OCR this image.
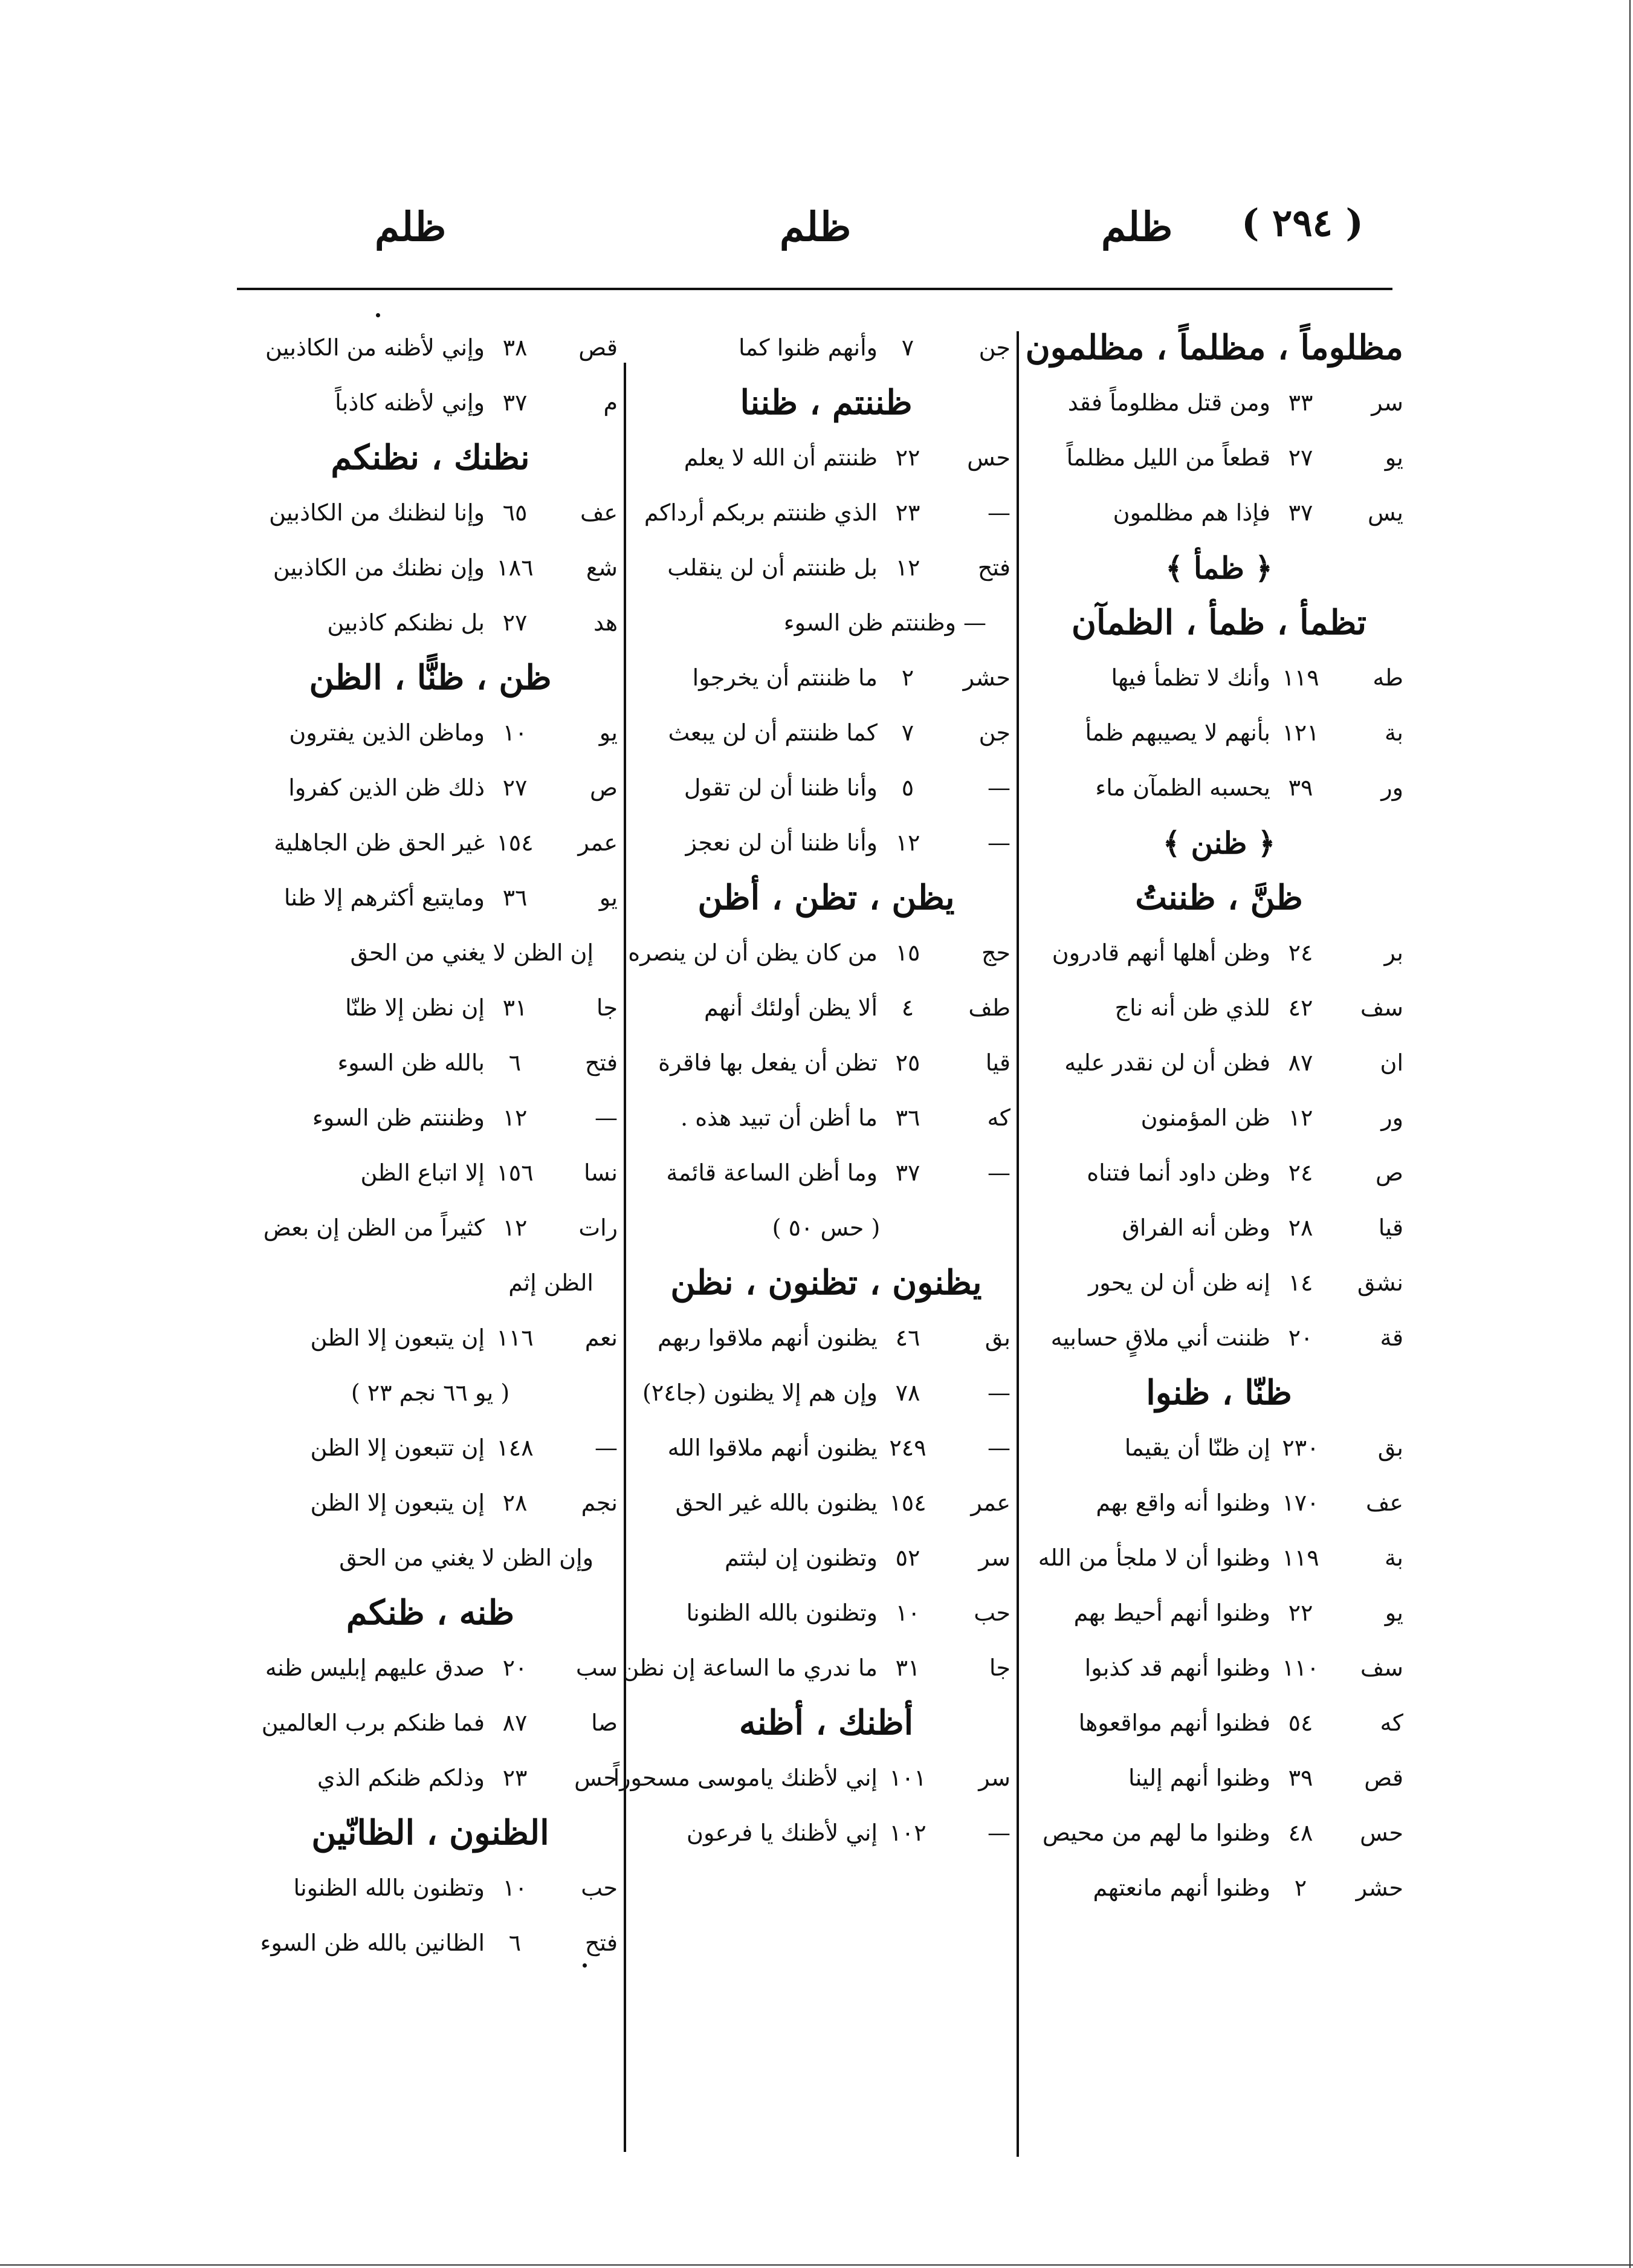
ظلم	ظلم	ظلم	( ٢٩٤ )
مظلوماً ، مظلماً ، مظلمون
سر٣٣ومن قتل مظلوماً فقد
يو٢٧قطعاً من الليل مظلماً
يس٣٧فإذا هم مظلمون
﴿ ظمأ ﴾
تظمأ ، ظمأ ، الظمآن
طه١١٩وأنك لا تظمأ فيها
بة١٢١بأنهم لا يصيبهم ظمأ
ور٣٩يحسبه الظمآن ماء
﴿ ظنن ﴾
ظنَّ ، ظننتُ
بر٢٤وظن أهلها أنهم قادرون
سف٤٢للذي ظن أنه ناج
ان٨٧فظن أن لن نقدر عليه
ور١٢ظن المؤمنون
ص٢٤وظن داود أنما فتناه
قيا٢٨وظن أنه الفراق
نشق١٤إنه ظن أن لن يحور
قة٢٠ظننت أني ملاقٍ حسابيه
ظنّا ، ظنوا
بق٢٣٠إن ظنّا أن يقيما
عف١٧٠وظنوا أنه واقع بهم
بة١١٩وظنوا أن لا ملجأ من الله
يو٢٢وظنوا أنهم أحيط بهم
سف١١٠وظنوا أنهم قد كذبوا
كه٥٤فظنوا أنهم مواقعوها
قص٣٩وظنوا أنهم إلينا
حس٤٨وظنوا ما لهم من محيص
حشر٢وظنوا أنهم مانعتهم
جن٧وأنهم ظنوا كما
ظننتم ، ظننا
حس٢٢ظننتم أن الله لا يعلم
—٢٣الذي ظننتم بربكم أرداكم
فتح١٢بل ظننتم أن لن ينقلب
— وظننتم ظن السوء
حشر٢ما ظننتم أن يخرجوا
جن٧كما ظننتم أن لن يبعث
—٥وأنا ظننا أن لن تقول
—١٢وأنا ظننا أن لن نعجز
يظن ، تظن ، أظن
حج١٥من كان يظن أن لن ينصره
طف٤ألا يظن أولئك أنهم
قيا٢٥تظن أن يفعل بها فاقرة
كه٣٦ما أظن أن تبيد هذه .
—٣٧وما أظن الساعة قائمة
( حس ٥٠ )
يظنون ، تظنون ، نظن
بق٤٦يظنون أنهم ملاقوا ربهم
—٧٨وإن هم إلا يظنون (جا٢٤)
—٢٤٩يظنون أنهم ملاقوا الله
عمر١٥٤يظنون بالله غير الحق
سر٥٢وتظنون إن لبثتم
حب١٠وتظنون بالله الظنونا
جا٣١ما ندري ما الساعة إن نظن
أظنك ، أظنه
سر١٠١إني لأظنك ياموسى مسحوراً
—١٠٢إني لأظنك يا فرعون
قص٣٨وإني لأظنه من الكاذبين
م٣٧وإني لأظنه كاذباً
نظنك ، نظنكم
عف٦٥وإنا لنظنك من الكاذبين
شع١٨٦وإن نظنك من الكاذبين
هد٢٧بل نظنكم كاذبين
ظن ، ظنًّا ، الظن
يو١٠وماظن الذين يفترون
ص٢٧ذلك ظن الذين كفروا
عمر١٥٤غير الحق ظن الجاهلية
يو٣٦ومايتبع أكثرهم إلا ظنا
إن الظن لا يغني من الحق
جا٣١إن نظن إلا ظنّا
فتح٦بالله ظن السوء
—١٢وظننتم ظن السوء
نسا١٥٦إلا اتباع الظن
رات١٢كثيراً من الظن إن بعض
الظن إثم
نعم١١٦إن يتبعون إلا الظن
( يو ٦٦ نجم ٢٣ )
—١٤٨إن تتبعون إلا الظن
نجم٢٨إن يتبعون إلا الظن
وإن الظن لا يغني من الحق
ظنه ، ظنكم
سب٢٠صدق عليهم إبليس ظنه
صا٨٧فما ظنكم برب العالمين
حس٢٣وذلكم ظنكم الذي
الظنون ، الظانّين
حب١٠وتظنون بالله الظنونا
فتح٦الظانين بالله ظن السوء
